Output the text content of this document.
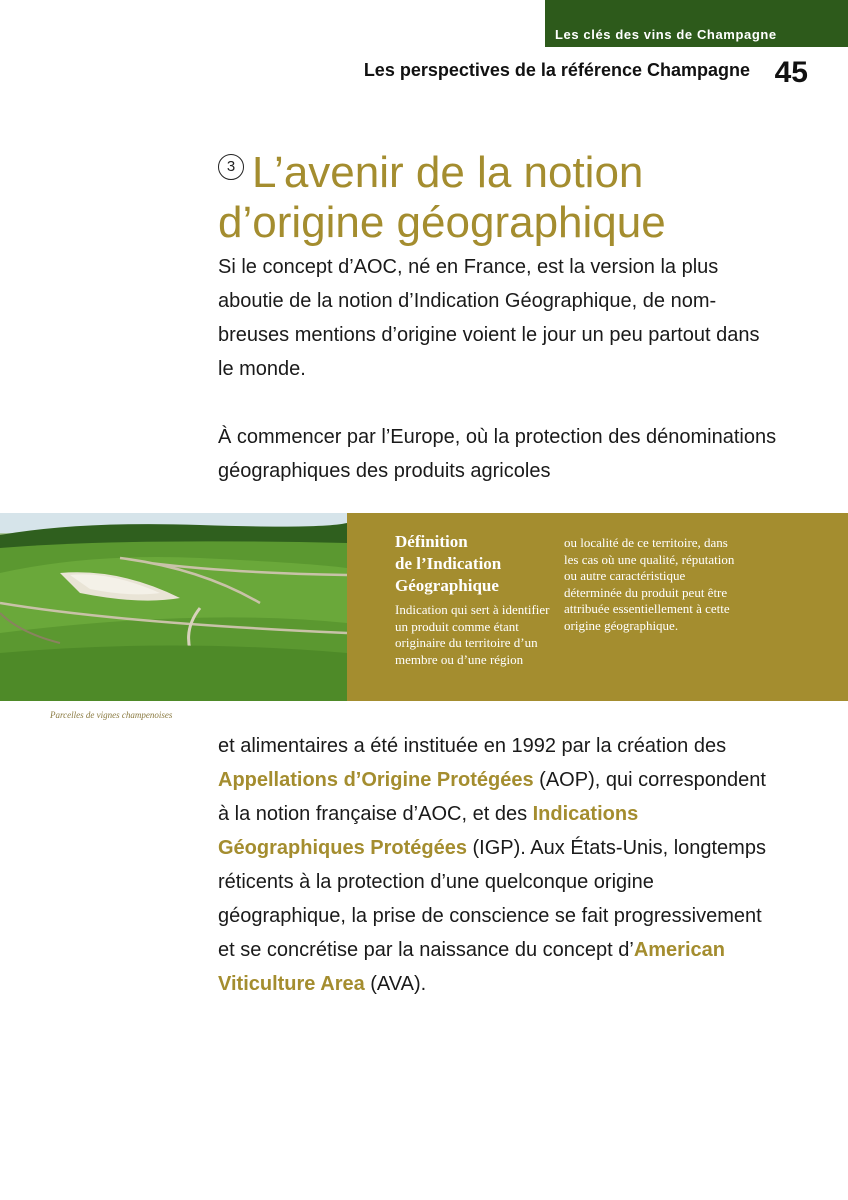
Les clés des vins de Champagne
Les perspectives de la référence Champagne 45
3 L’avenir de la notion
d’origine géographique

Si le concept d’AOC, né en France, est la version la plus aboutie de la notion d’Indication Géographique, de nombreuses mentions d’origine voient le jour un peu partout dans le monde.

À commencer par l’Europe, où la protection des dénominations géographiques des produits agricoles

Parcelles de vignes champenoises
Définition
de l’Indication
Géographique
Indication qui sert à identifier un produit comme étant originaire du territoire d’un membre ou d’une région
ou localité de ce territoire, dans les cas où une qualité, réputation ou autre caractéristique déterminée du produit peut être attribuée essentiellement à cette origine géographique.

et alimentaires a été instituée en 1992 par la création des Appellations d’Origine Protégées (AOP), qui correspondent à la notion française d’AOC, et des Indications Géographiques Protégées (IGP). Aux États-Unis, longtemps réticents à la protection d’une quelconque origine géographique, la prise de conscience se fait progressivement et se concrétise par la naissance du concept d’American Viticulture Area (AVA).
